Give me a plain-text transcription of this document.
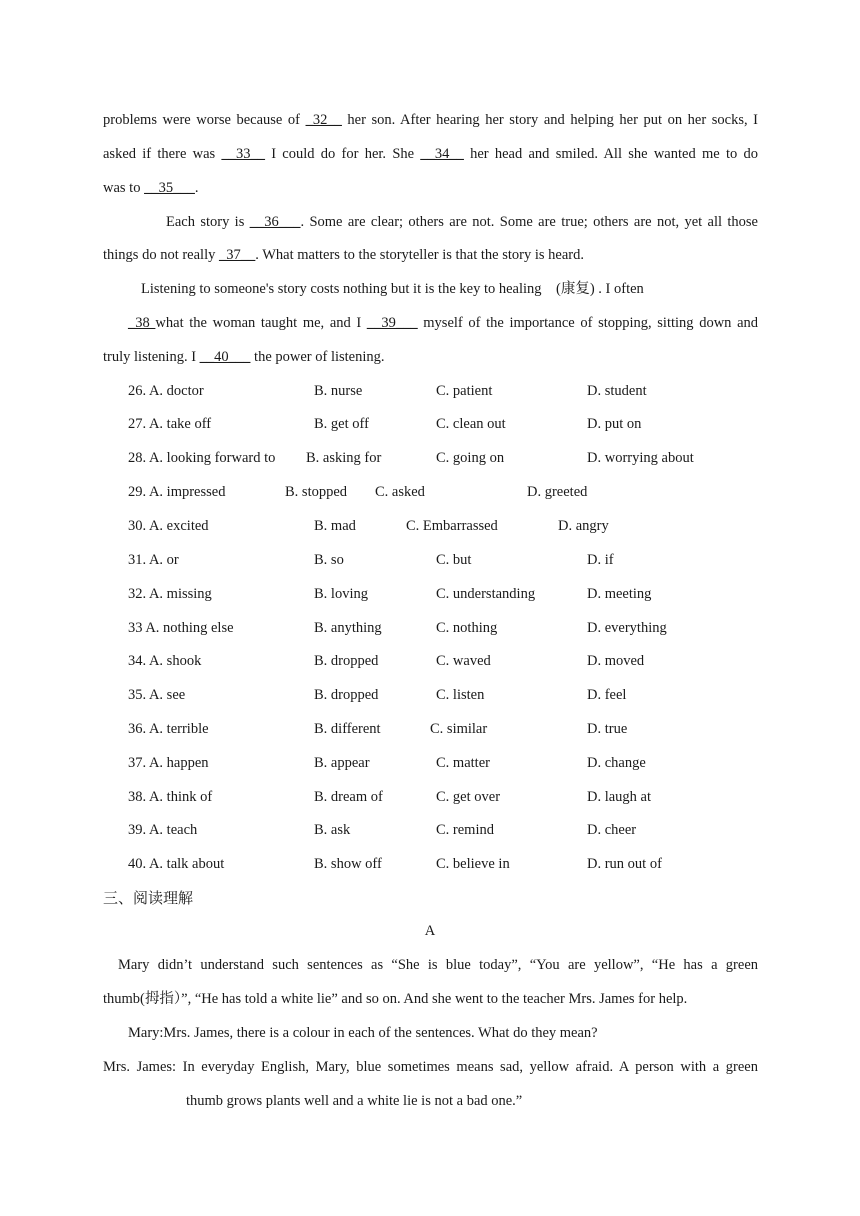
problems were worse because of _32__ her son. After hearing her story and helping her put on her socks, I
asked if there was __33__ I could do for her. She __34__ her head and smiled. All she wanted me to do
was to __35___.
Each story is __36___. Some are clear; others are not. Some are true; others are not, yet all those
things do not really _37__. What matters to the storyteller is that the story is heard.
Listening to someone's story costs nothing but it is the key to healing　(康复) . I often
_38 what the woman taught me, and I __39___ myself of the importance of stopping, sitting down and
truly listening. I __40___ the power of listening.
26. A. doctor	B. nurse	C. patient	D. student
27. A. take off	B. get off	C. clean out	D. put on
28. A. looking forward to B. asking for	C. going on	D. worrying about
29. A. impressed	B. stopped C. asked	D. greeted
30. A. excited	B. mad	C. Embarrassed	D. angry
31. A. or	B. so	C. but	D. if
32. A. missing	B. loving	C. understanding	D. meeting
33 A. nothing else	B. anything	C. nothing	D. everything
34. A. shook	B. dropped	C. waved	D. moved
35. A. see	B. dropped	C. listen	D. feel
36. A. terrible	B. different	C. similar	D. true
37. A. happen	B. appear	C. matter	D. change
38. A. think of	B. dream of	C. get over	D. laugh at
39. A. teach	B. ask	C. remind	D. cheer
40. A. talk about	B. show off	C. believe in	D. run out of
三、阅读理解
A
Mary didn’t understand such sentences as “She is blue today”, “You are yellow”, “He has a green
thumb(拇指）”, “He has told a white lie” and so on. And she went to the teacher Mrs. James for help.
Mary:Mrs. James, there is a colour in each of the sentences. What do they mean?
Mrs. James: In everyday English, Mary, blue sometimes means sad, yellow afraid. A person with a green
thumb grows plants well and a white lie is not a bad one.”
